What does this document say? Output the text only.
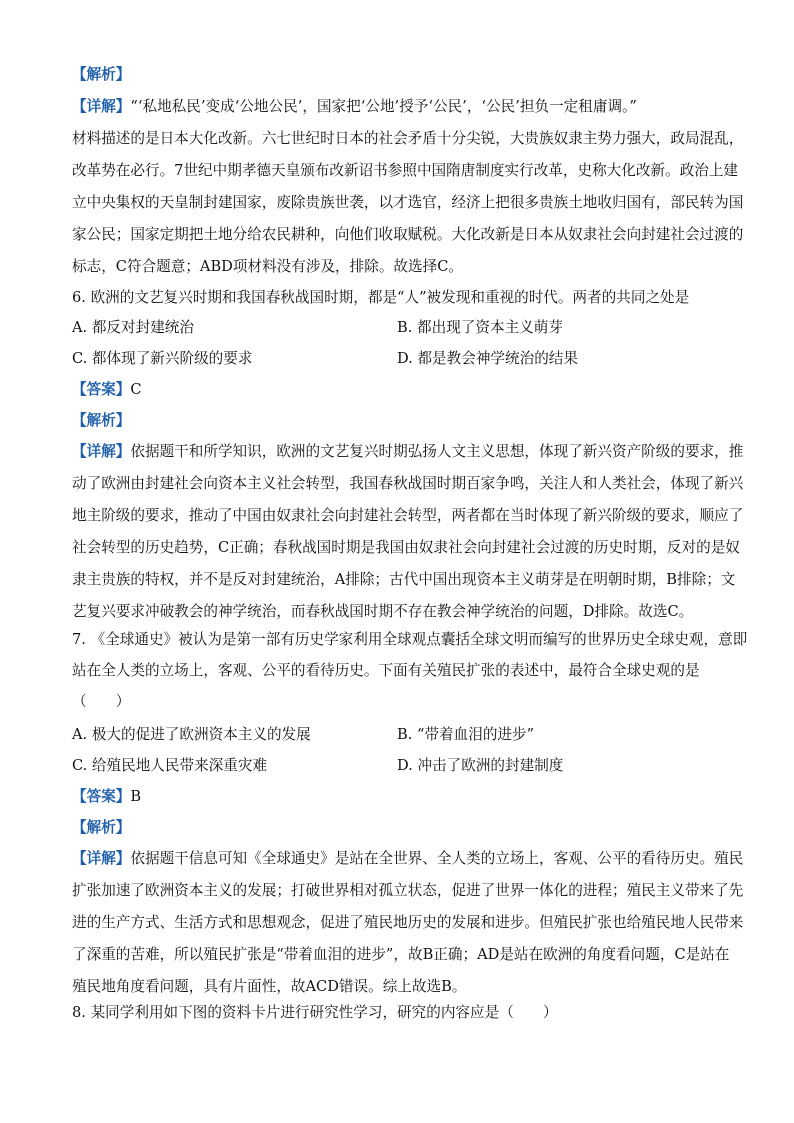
【解析】
【详解】“‘私地私民’变成‘公地公民’，国家把‘公地’授予‘公民’，‘公民’担负一定租庸调。”
材料描述的是日本大化改新。六七世纪时日本的社会矛盾十分尖锐，大贵族奴隶主势力强大，政局混乱，
改革势在必行。7世纪中期孝德天皇颁布改新诏书参照中国隋唐制度实行改革，史称大化改新。政治上建
立中央集权的天皇制封建国家，废除贵族世袭，以才选官，经济上把很多贵族土地收归国有，部民转为国
家公民；国家定期把土地分给农民耕种，向他们收取赋税。大化改新是日本从奴隶社会向封建社会过渡的
标志，C符合题意；ABD项材料没有涉及，排除。故选择C。
6. 欧洲的文艺复兴时期和我国春秋战国时期，都是“人”被发现和重视的时代。两者的共同之处是
A. 都反对封建统治	B. 都出现了资本主义萌芽
C. 都体现了新兴阶级的要求	D. 都是教会神学统治的结果
【答案】C
【解析】
【详解】依据题干和所学知识，欧洲的文艺复兴时期弘扬人文主义思想，体现了新兴资产阶级的要求，推
动了欧洲由封建社会向资本主义社会转型，我国春秋战国时期百家争鸣，关注人和人类社会，体现了新兴
地主阶级的要求，推动了中国由奴隶社会向封建社会转型，两者都在当时体现了新兴阶级的要求，顺应了
社会转型的历史趋势，C正确；春秋战国时期是我国由奴隶社会向封建社会过渡的历史时期，反对的是奴
隶主贵族的特权，并不是反对封建统治，A排除；古代中国出现资本主义萌芽是在明朝时期，B排除；文
艺复兴要求冲破教会的神学统治，而春秋战国时期不存在教会神学统治的问题，D排除。故选C。
7. 《全球通史》被认为是第一部有历史学家利用全球观点囊括全球文明而编写的世界历史全球史观，意即
站在全人类的立场上，客观、公平的看待历史。下面有关殖民扩张的表述中，最符合全球史观的是
（　　）
A. 极大的促进了欧洲资本主义的发展	B. “带着血泪的进步”
C. 给殖民地人民带来深重灾难	D. 冲击了欧洲的封建制度
【答案】B
【解析】
【详解】依据题干信息可知《全球通史》是站在全世界、全人类的立场上，客观、公平的看待历史。殖民
扩张加速了欧洲资本主义的发展；打破世界相对孤立状态，促进了世界一体化的进程；殖民主义带来了先
进的生产方式、生活方式和思想观念，促进了殖民地历史的发展和进步。但殖民扩张也给殖民地人民带来
了深重的苦难，所以殖民扩张是“带着血泪的进步”，故B正确；AD是站在欧洲的角度看问题，C是站在
殖民地角度看问题，具有片面性，故ACD错误。综上故选B。
8. 某同学利用如下图的资料卡片进行研究性学习，研究的内容应是（　　）
